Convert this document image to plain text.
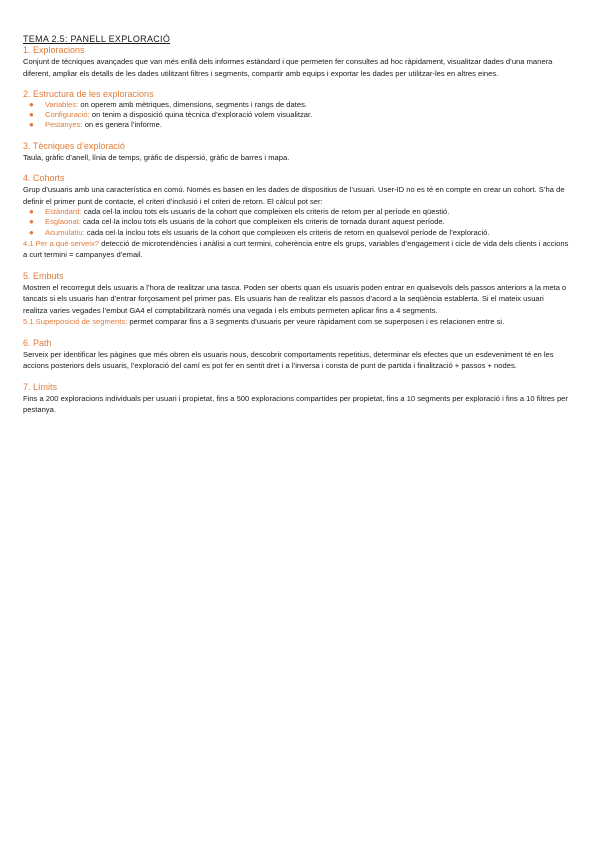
TEMA 2.5: PANELL EXPLORACIÓ

1. Exploracions

Conjunt de tècniques avançades que van més enllà dels informes estàndard i que permeten fer consultes ad hoc ràpidament, visualitzar dades d’una manera diferent, ampliar els detalls de les dades utilitzant filtres i segments, compartir amb equips i exportar les dades per utilitzar-les en altres eines.

2. Estructura de les exploracions

● Variables: on operem amb mètriques, dimensions, segments i rangs de dates.
● Configuració: on tenim a disposició quina tècnica d’exploració volem visualitzar.
● Pestanyes: on es genera l’informe.

3. Tècniques d’exploració

Taula, gràfic d’anell, línia de temps, gràfic de dispersió, gràfic de barres i mapa.

4. Cohorts

Grup d’usuaris amb una característica en comú. Només es basen en les dades de dispositius de l’usuari. User-ID no es té en compte en crear un cohort. S’ha de definir el primer punt de contacte, el criteri d’inclusió i el criteri de retorn. El càlcul pot ser:

● Estàndard: cada cel·la inclou tots els usuaris de la cohort que compleixen els criteris de retorn per al període en qüestió.
● Esglaonat: cada cel·la inclou tots els usuaris de la cohort que compleixen els criteris de tornada durant aquest període.
● Acumulatiu: cada cel·la inclou tots els usuaris de la cohort que compleixen els criteris de retorn en qualsevol període de l’exploració.

4.1 Per a què serveix? detecció de microtendències i anàlisi a curt termini, coherència entre els grups, variables d’engagement i cicle de vida dels clients i accions a curt termini = campanyes d’email.

5. Embuts

Mostren el recorregut dels usuaris a l’hora de realitzar una tasca. Poden ser oberts quan els usuaris poden entrar en qualsevols dels passos anteriors a la meta o tancats si els usuaris han d’entrar forçosament pel primer pas. Els usuaris han de realitzar els passos d’acord a la seqüència establerta. Si el mateix usuari realitza varies vegades l’embut GA4 el comptabilitzarà només una vegada i els embuts permeten aplicar fins a 4 segments.

5.1 Superposició de segments: permet comparar fins a 3 segments d’usuaris per veure ràpidament com se superposen i es relacionen entre si.

6. Path

Serveix per identificar les pàgines que més obren els usuaris nous, descobrir comportaments repetitius, determinar els efectes que un esdeveniment té en les accions posteriors dels usuaris, l’exploració del camí es pot fer en sentit dret i a l’inversa i consta de punt de partida i finalització + passos + nodes.

7. Límits

Fins a 200 exploracions individuals per usuari i propietat, fins a 500 exploracions compartides per propietat, fins a 10 segments per exploració i fins a 10 filtres per pestanya.
